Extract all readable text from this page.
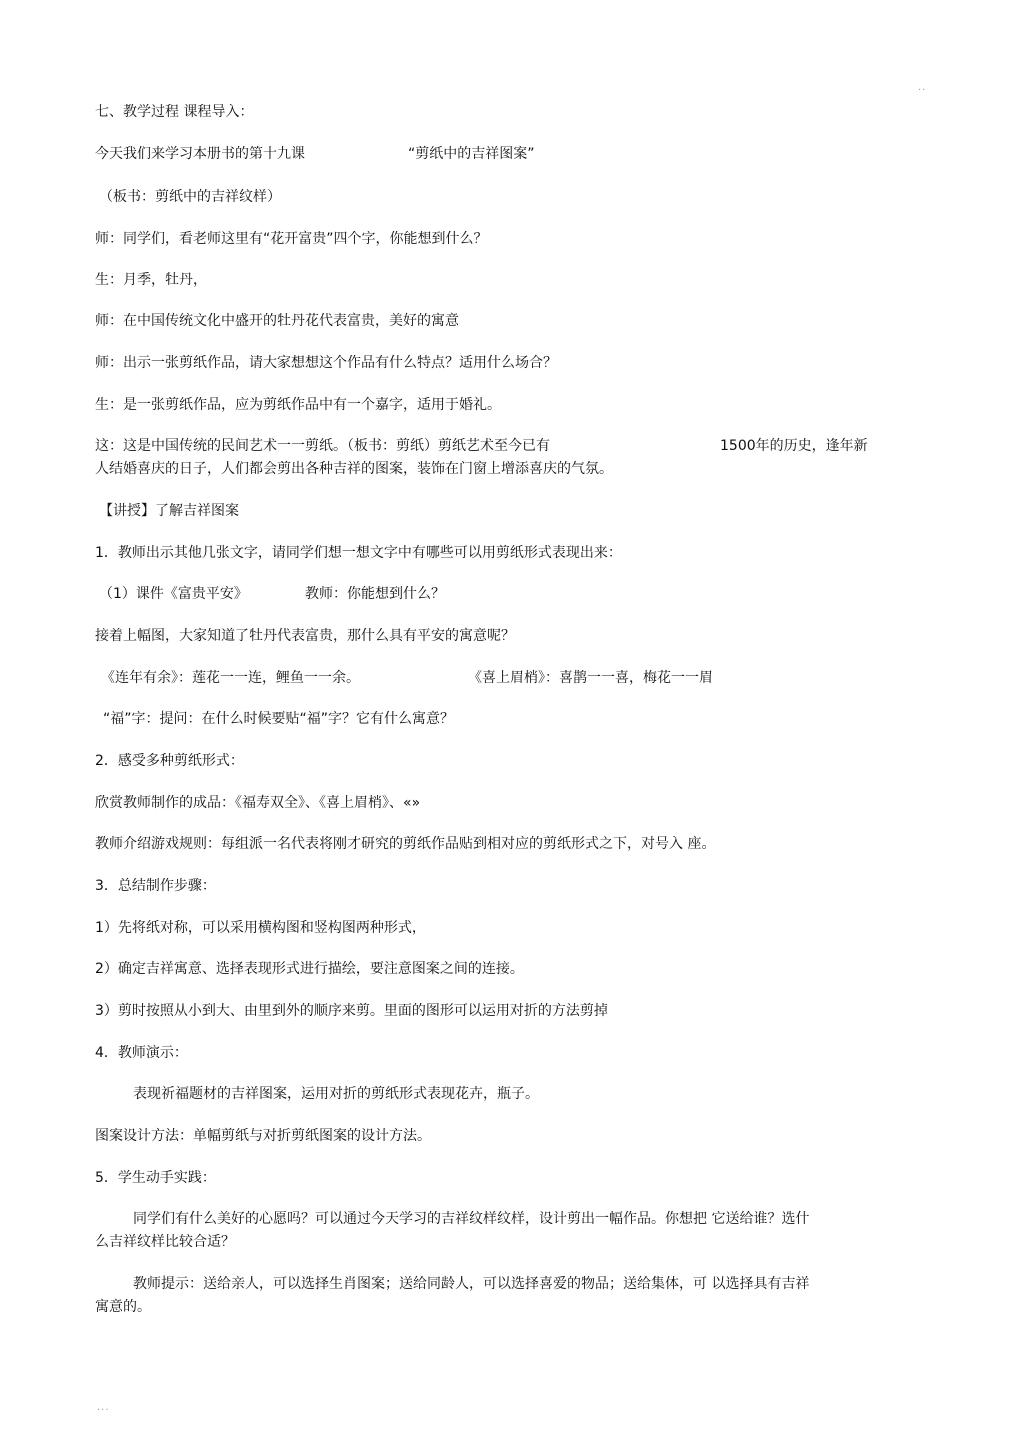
..
...
七、教学过程 课程导入：
今天我们来学习本册书的第十九课	“剪纸中的吉祥图案”
（板书：剪纸中的吉祥纹样）
师：同学们，看老师这里有“花开富贵”四个字，你能想到什么？
生：月季，牡丹，
师：在中国传统文化中盛开的牡丹花代表富贵，美好的寓意
师：出示一张剪纸作品，请大家想想这个作品有什么特点？适用什么场合？
生：是一张剪纸作品，应为剪纸作品中有一个嘉字，适用于婚礼。
这：这是中国传统的民间艺术一一剪纸。（板书：剪纸）剪纸艺术至今已有	1500年的历史，逢年新
人结婚喜庆的日子，人们都会剪出各种吉祥的图案，装饰在门窗上增添喜庆的气氛。
【讲授】了解吉祥图案
1．教师出示其他几张文字，请同学们想一想文字中有哪些可以用剪纸形式表现出来：
（1）课件《富贵平安》	教师：你能想到什么？
接着上幅图，大家知道了牡丹代表富贵，那什么具有平安的寓意呢？
《连年有余》：莲花一一连，鲤鱼一一余。	《喜上眉梢》：喜鹊一一喜，梅花一一眉
“福”字：提问：在什么时候要贴“福”字？它有什么寓意？
2．感受多种剪纸形式：
欣赏教师制作的成品：《福寿双全》、《喜上眉梢》、«»
教师介绍游戏规则：每组派一名代表将刚才研究的剪纸作品贴到相对应的剪纸形式之下，对号入 座。
3．总结制作步骤：
1）先将纸对称，可以采用横构图和竖构图两种形式，
2）确定吉祥寓意、选择表现形式进行描绘，要注意图案之间的连接。
3）剪时按照从小到大、由里到外的顺序来剪。里面的图形可以运用对折的方法剪掉
4．教师演示：
表现祈福题材的吉祥图案，运用对折的剪纸形式表现花卉，瓶子。
图案设计方法：单幅剪纸与对折剪纸图案的设计方法。
5．学生动手实践：
同学们有什么美好的心愿吗？可以通过今天学习的吉祥纹样纹样，设计剪出一幅作品。你想把 它送给谁？选什
么吉祥纹样比较合适？
教师提示：送给亲人，可以选择生肖图案；送给同龄人，可以选择喜爱的物品；送给集体，可 以选择具有吉祥
寓意的。
